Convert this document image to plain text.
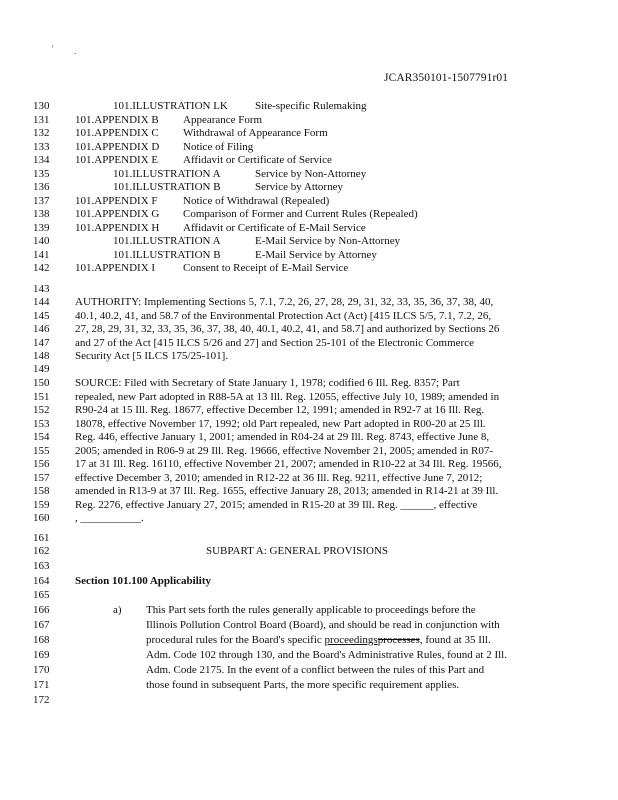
' .
JCAR350101-1507791r01
130	101.ILLUSTRATION LK Site-specific Rulemaking
131	101.APPENDIX B Appearance Form
132	101.APPENDIX C Withdrawal of Appearance Form
133	101.APPENDIX D Notice of Filing
134	101.APPENDIX E Affidavit or Certificate of Service
135	101.ILLUSTRATION A	Service by Non-Attorney
136	101.ILLUSTRATION B	Service by Attorney
137	101.APPENDIX F Notice of Withdrawal (Repealed)
138	101.APPENDIX G Comparison of Former and Current Rules (Repealed)
139	101.APPENDIX H Affidavit or Certificate of E-Mail Service
140	101.ILLUSTRATION A	E-Mail Service by Non-Attorney
141	101.ILLUSTRATION B	E-Mail Service by Attorney
142	101.APPENDIX I	Consent to Receipt of E-Mail Service
143
149
161
163
165
172
144	AUTHORITY: Implementing Sections 5, 7.1, 7.2, 26, 27, 28, 29, 31, 32, 33, 35, 36, 37, 38, 40,
145	40.1, 40.2, 41, and 58.7 of the Environmental Protection Act (Act) [415 ILCS 5/5, 7.1, 7.2, 26,
146	27, 28, 29, 31, 32, 33, 35, 36, 37, 38, 40, 40.1, 40.2, 41, and 58.7] and authorized by Sections 26
147	and 27 of the Act [415 ILCS 5/26 and 27] and Section 25-101 of the Electronic Commerce
148	Security Act [5 ILCS 175/25-101].
150	SOURCE: Filed with Secretary of State January 1, 1978; codified 6 Ill. Reg. 8357; Part
151	repealed, new Part adopted in R88-5A at 13 Ill. Reg. 12055, effective July 10, 1989; amended in
152	R90-24 at 15 Ill. Reg. 18677, effective December 12, 1991; amended in R92-7 at 16 Ill. Reg.
153	18078, effective November 17, 1992; old Part repealed, new Part adopted in R00-20 at 25 Ill.
154	Reg. 446, effective January 1, 2001; amended in R04-24 at 29 Ill. Reg. 8743, effective June 8,
155	2005; amended in R06-9 at 29 Ill. Reg. 19666, effective November 21, 2005; amended in R07-
156	17 at 31 Ill. Reg. 16110, effective November 21, 2007; amended in R10-22 at 34 Ill. Reg. 19566,
157	effective December 3, 2010; amended in R12-22 at 36 Ill. Reg. 9211, effective June 7, 2012;
158	amended in R13-9 at 37 Ill. Reg. 1655, effective January 28, 2013; amended in R14-21 at 39 Ill.
159	Reg. 2276, effective January 27, 2015; amended in R15-20 at 39 Ill. Reg. ______, effective
160	, ___________.
162	SUBPART A: GENERAL PROVISIONS
164	Section 101.100 Applicability
a)
166	This Part sets forth the rules generally applicable to proceedings before the
167	Illinois Pollution Control Board (Board), and should be read in conjunction with
168	procedural rules for the Board's specific proceedingsprocesses, found at 35 Ill.
169	Adm. Code 102 through 130, and the Board's Administrative Rules, found at 2 Ill.
170	Adm. Code 2175. In the event of a conflict between the rules of this Part and
171	those found in subsequent Parts, the more specific requirement applies.
